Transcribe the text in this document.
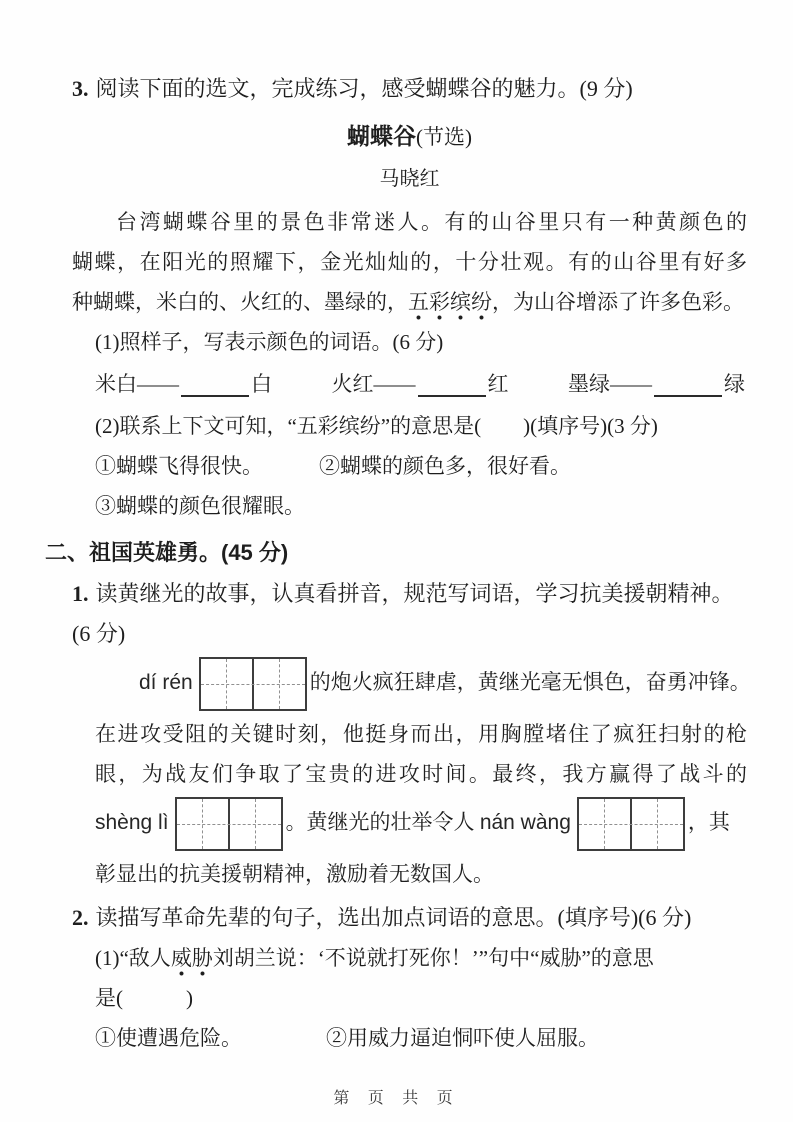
3. 阅读下面的选文，完成练习，感受蝴蝶谷的魅力。(9 分)
蝴蝶谷(节选)
马晓红
台湾蝴蝶谷里的景色非常迷人。有的山谷里只有一种黄颜色的
蝴蝶，在阳光的照耀下，金光灿灿的，十分壮观。有的山谷里有好多
种蝴蝶，米白的、火红的、墨绿的，五彩缤纷，为山谷增添了许多色彩。
(1)照样子，写表示颜色的词语。(6 分)
米白——	白	火红——	红	墨绿——	绿
(2)联系上下文可知，“五彩缤纷”的意思是(　　)(填序号)(3 分)
①蝴蝶飞得很快。	②蝴蝶的颜色多，很好看。
③蝴蝶的颜色很耀眼。
二、祖国英雄勇。(45 分)
1. 读黄继光的故事，认真看拼音，规范写词语，学习抗美援朝精神。(6 分)
dí rén	的炮火疯狂肆虐，黄继光毫无惧色，奋勇冲锋。
在进攻受阻的关键时刻，他挺身而出，用胸膛堵住了疯狂扫射的枪
眼，为战友们争取了宝贵的进攻时间。最终，我方赢得了战斗的
shèng lì	。黄继光的壮举令人 nán wàng	，其
彰显出的抗美援朝精神，激励着无数国人。
2. 读描写革命先辈的句子，选出加点词语的意思。(填序号)(6 分)
(1)“敌人威胁刘胡兰说：‘不说就打死你！’”句中“威胁”的意思
是(　　　)
①使遭遇危险。	②用威力逼迫恫吓使人屈服。
第 页 共 页
